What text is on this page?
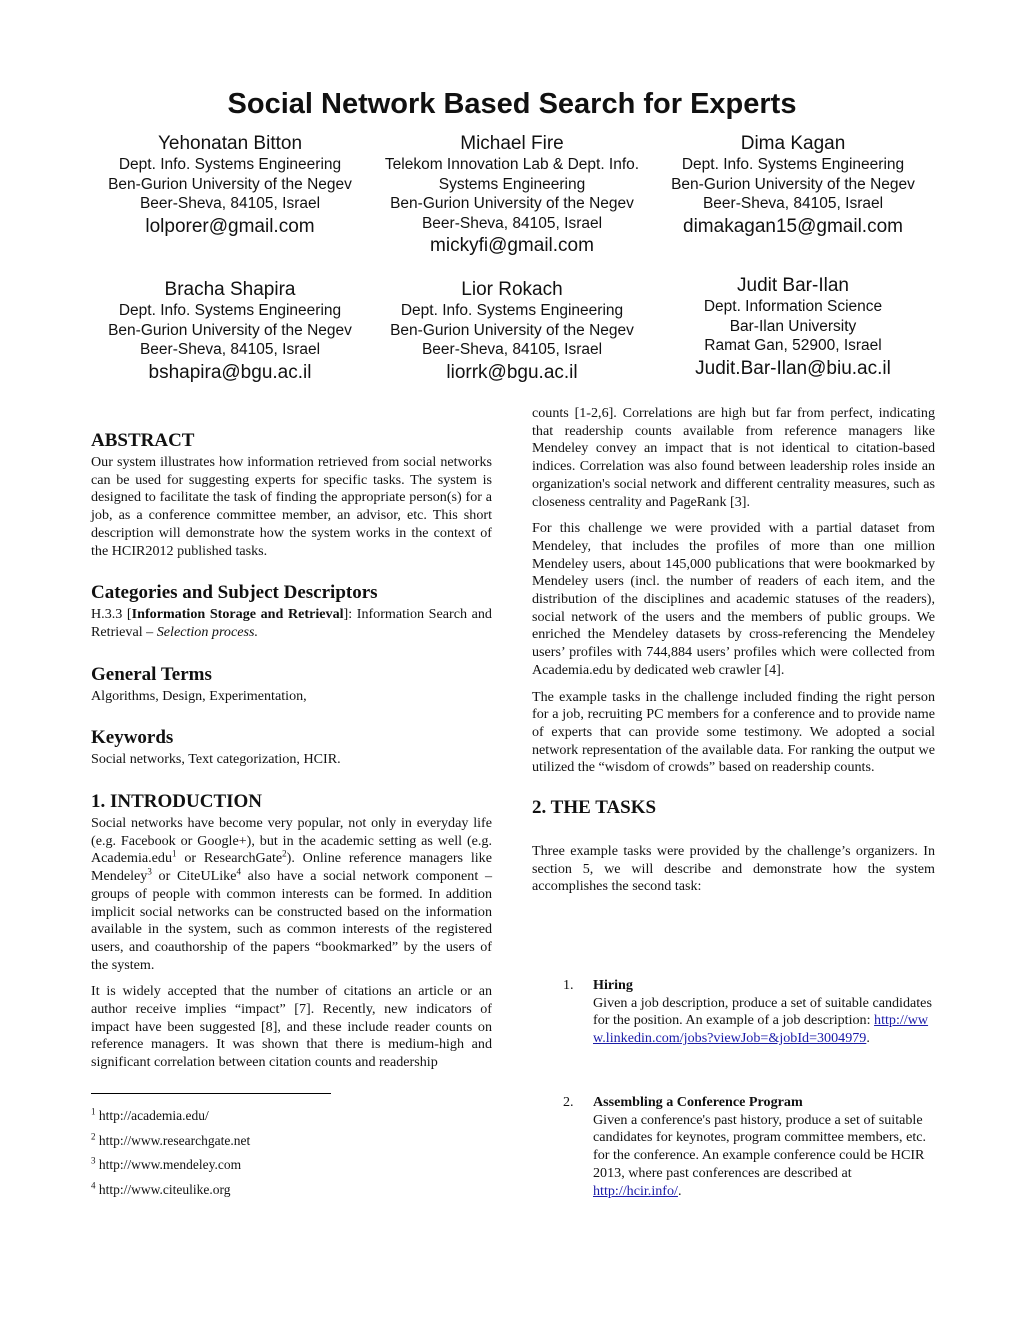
Social Network Based Search for Experts
Yehonatan Bitton
Dept. Info. Systems Engineering
Ben-Gurion University of the Negev
Beer-Sheva, 84105, Israel
lolporer@gmail.com
Michael Fire
Telekom Innovation Lab & Dept. Info.
Systems Engineering
Ben-Gurion University of the Negev
Beer-Sheva, 84105, Israel
mickyfi@gmail.com
Dima Kagan
Dept. Info. Systems Engineering
Ben-Gurion University of the Negev
Beer-Sheva, 84105, Israel
dimakagan15@gmail.com
Bracha Shapira
Dept. Info. Systems Engineering
Ben-Gurion University of the Negev
Beer-Sheva, 84105, Israel
bshapira@bgu.ac.il
Lior Rokach
Dept. Info. Systems Engineering
Ben-Gurion University of the Negev
Beer-Sheva, 84105, Israel
liorrk@bgu.ac.il
Judit Bar-Ilan
Dept. Information Science
Bar-Ilan University
Ramat Gan, 52900, Israel
Judit.Bar-Ilan@biu.ac.il
ABSTRACT

Our system illustrates how information retrieved from social networks can be used for suggesting experts for specific tasks. The system is designed to facilitate the task of finding the appropriate person(s) for a job, as a conference committee member, an advisor, etc. This short description will demonstrate how the system works in the context of the HCIR2012 published tasks.

Categories and Subject Descriptors

H.3.3 [Information Storage and Retrieval]: Information Search and Retrieval – Selection process.

General Terms

Algorithms, Design, Experimentation,

Keywords

Social networks, Text categorization, HCIR.

1. INTRODUCTION

Social networks have become very popular, not only in everyday life (e.g. Facebook or Google+), but in the academic setting as well (e.g. Academia.edu$^1$ or ResearchGate$^2$). Online reference managers like Mendeley$^3$ or CiteULike$^4$ also have a social network component – groups of people with common interests can be formed. In addition implicit social networks can be constructed based on the information available in the system, such as common interests of the registered users, and coauthorship of the papers “bookmarked” by the users of the system.

It is widely accepted that the number of citations an article or an author receive implies “impact” [7]. Recently, new indicators of impact have been suggested [8], and these include reader counts on reference managers. It was shown that there is medium-high and significant correlation between citation counts and readership

$^1$ http://academia.edu/
$^2$ http://www.researchgate.net
$^3$ http://www.mendeley.com
$^4$ http://www.citeulike.org

counts [1-2,6]. Correlations are high but far from perfect, indicating that readership counts available from reference managers like Mendeley convey an impact that is not identical to citation-based indices. Correlation was also found between leadership roles inside an organization's social network and different centrality measures, such as closeness centrality and PageRank [3].

For this challenge we were provided with a partial dataset from Mendeley, that includes the profiles of more than one million Mendeley users, about 145,000 publications that were bookmarked by Mendeley users (incl. the number of readers of each item, and the distribution of the disciplines and academic statuses of the readers), social network of the users and the members of public groups. We enriched the Mendeley datasets by cross-referencing the Mendeley users’ profiles with 744,884 users’ profiles which were collected from Academia.edu by dedicated web crawler [4].

The example tasks in the challenge included finding the right person for a job, recruiting PC members for a conference and to provide name of experts that can provide some testimony. We adopted a social network representation of the available data. For ranking the output we utilized the “wisdom of crowds” based on readership counts.

2. THE TASKS

Three example tasks were provided by the challenge’s organizers. In section 5, we will describe and demonstrate how the system accomplishes the second task:

1. Hiring
Given a job description, produce a set of suitable candidates for the position. An example of a job description: http://www.linkedin.com/jobs?viewJob=&jobId=3004979.
2. Assembling a Conference Program
Given a conference's past history, produce a set of suitable candidates for keynotes, program committee members, etc. for the conference. An example conference could be HCIR 2013, where past conferences are described at http://hcir.info/.
